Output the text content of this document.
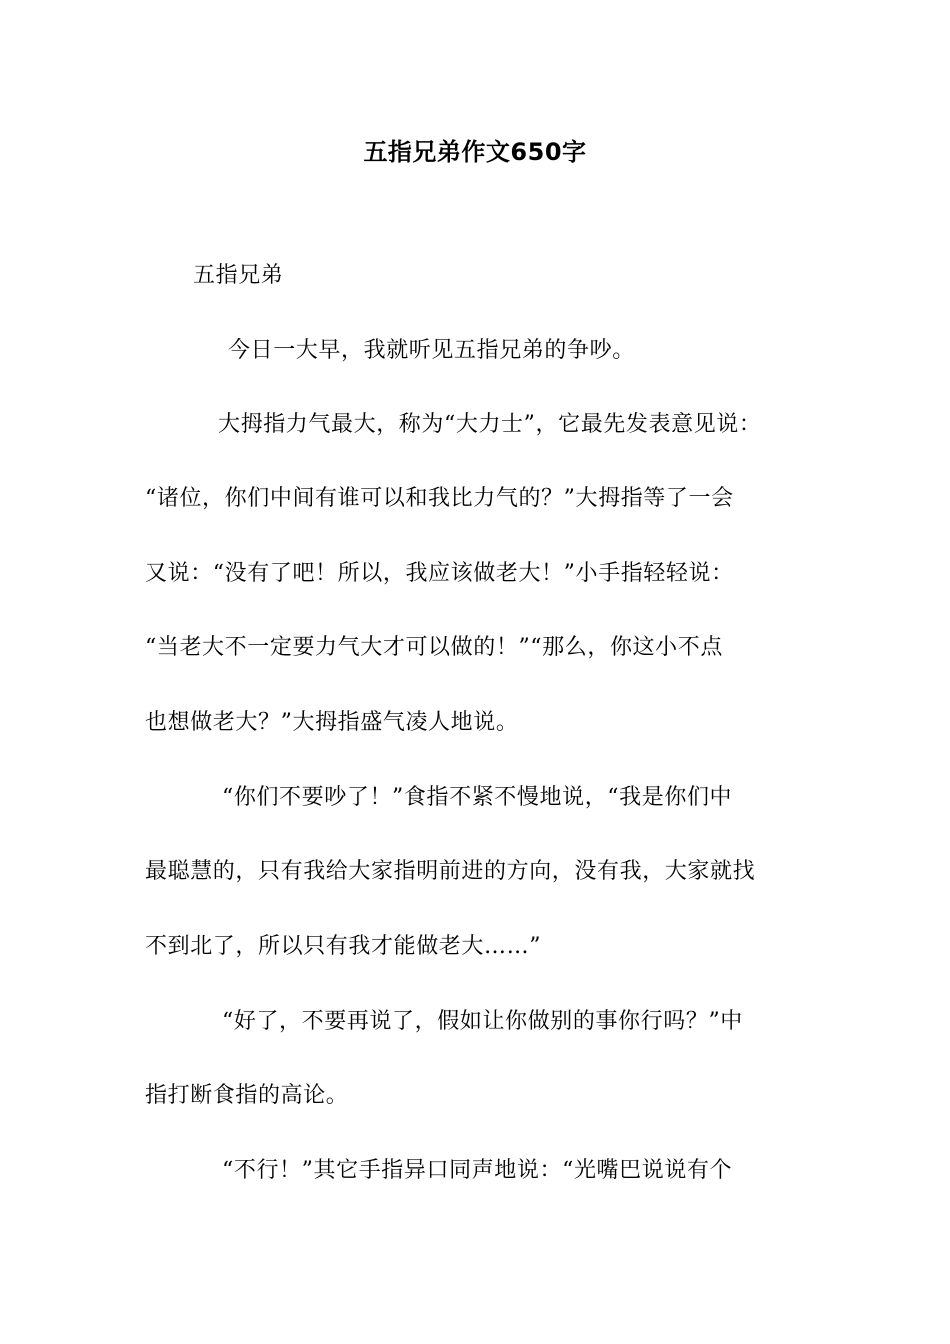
五指兄弟作文650字

五指兄弟

今日一大早，我就听见五指兄弟的争吵。

大拇指力气最大，称为“大力士”，它最先发表意见说：

“诸位，你们中间有谁可以和我比力气的？”大拇指等了一会

又说：“没有了吧！所以，我应该做老大！”小手指轻轻说：

“当老大不一定要力气大才可以做的！”“那么，你这小不点

也想做老大？”大拇指盛气凌人地说。

“你们不要吵了！”食指不紧不慢地说，“我是你们中

最聪慧的，只有我给大家指明前进的方向，没有我，大家就找

不到北了，所以只有我才能做老大……”

“好了，不要再说了，假如让你做别的事你行吗？”中

指打断食指的高论。

“不行！”其它手指异口同声地说：“光嘴巴说说有个
